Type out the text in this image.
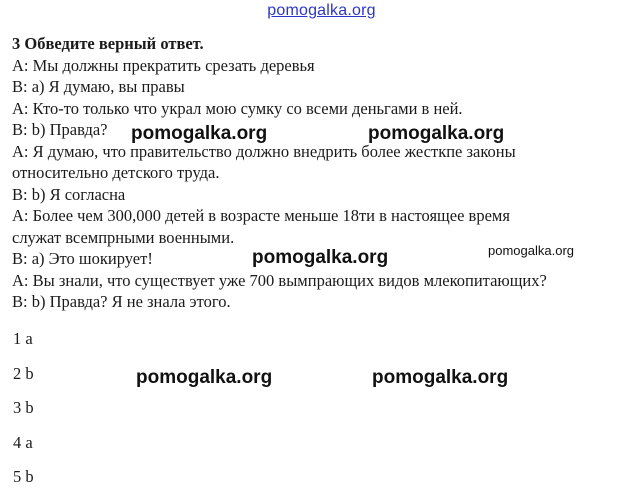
pomogalka.org
3 Обведите верный ответ.
A: Мы должны прекратить срезать деревья
B: а) Я думаю, вы правы
A: Кто-то только что украл мою сумку со всеми деньгами в ней.
B: b) Правда?
A: Я думаю, что правительство должно внедрить более жесткпе законы
относительно детского труда.
B: b) Я согласна
A: Более чем 300,000 детей в возрасте меньше 18ти в настоящее время
служат всемпрными военными.
B: а) Это шокирует!
A: Вы знали, что существует уже 700 вымпрающих видов млекопитающих?
B: b) Правда? Я не знала этого.
1 a
2 b
3 b
4 a
5 b
pomogalka.org	pomogalka.org
pomogalka.org	pomogalka.org
pomogalka.org	pomogalka.org
